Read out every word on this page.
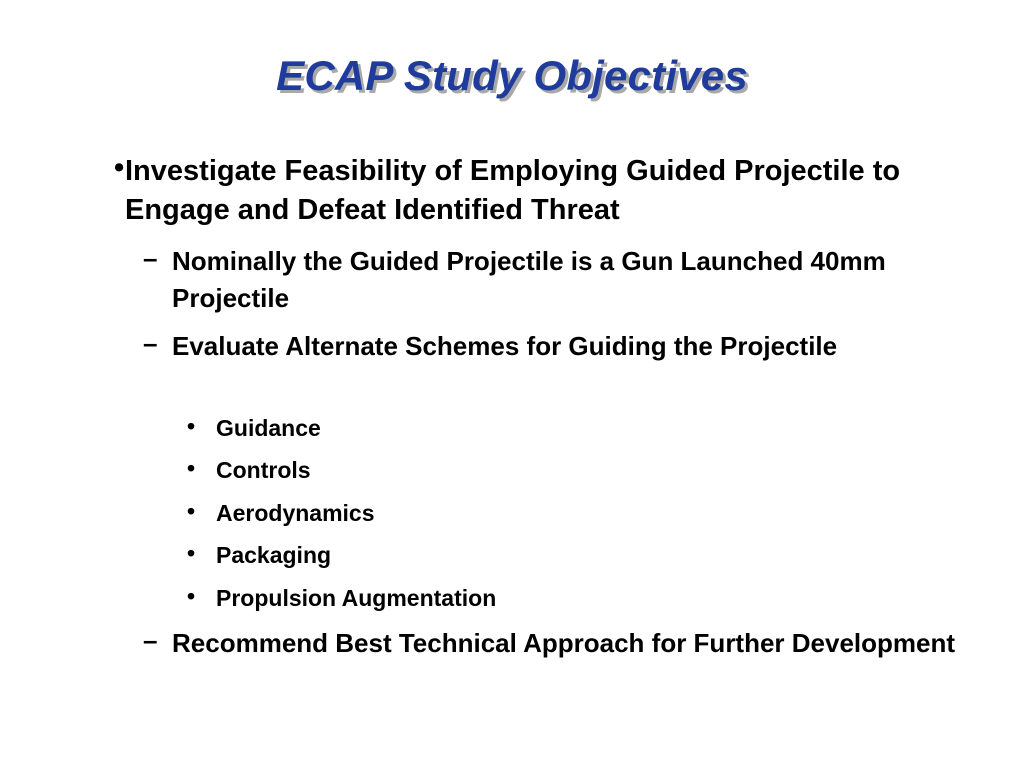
ECAP Study Objectives
• Investigate Feasibility of Employing Guided Projectile to Engage and Defeat Identified Threat
– Nominally the Guided Projectile is a Gun Launched 40mm Projectile
– Evaluate Alternate Schemes for Guiding the Projectile
• Guidance
• Controls
• Aerodynamics
• Packaging
• Propulsion Augmentation
– Recommend Best Technical Approach for Further Development
